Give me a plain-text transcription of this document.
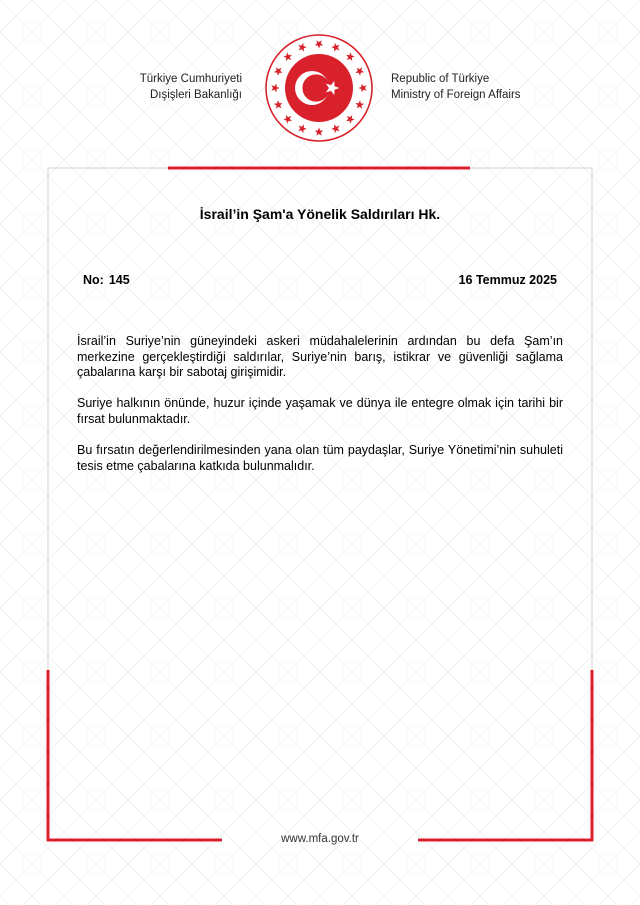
Türkiye Cumhuriyeti
Dışişleri Bakanlığı
Republic of Türkiye
Ministry of Foreign Affairs
İsrail’in Şam'a Yönelik Saldırıları Hk.
No: 145	16 Temmuz 2025

İsrail’in Suriye’nin güneyindeki askeri müdahalelerinin ardından bu defa Şam’ın merkezine gerçekleştirdiği saldırılar, Suriye’nin barış, istikrar ve güvenliği sağlama çabalarına karşı bir sabotaj girişimidir.

Suriye halkının önünde, huzur içinde yaşamak ve dünya ile entegre olmak için tarihi bir fırsat bulunmaktadır.

Bu fırsatın değerlendirilmesinden yana olan tüm paydaşlar, Suriye Yönetimi’nin suhuleti tesis etme çabalarına katkıda bulunmalıdır.

www.mfa.gov.tr
